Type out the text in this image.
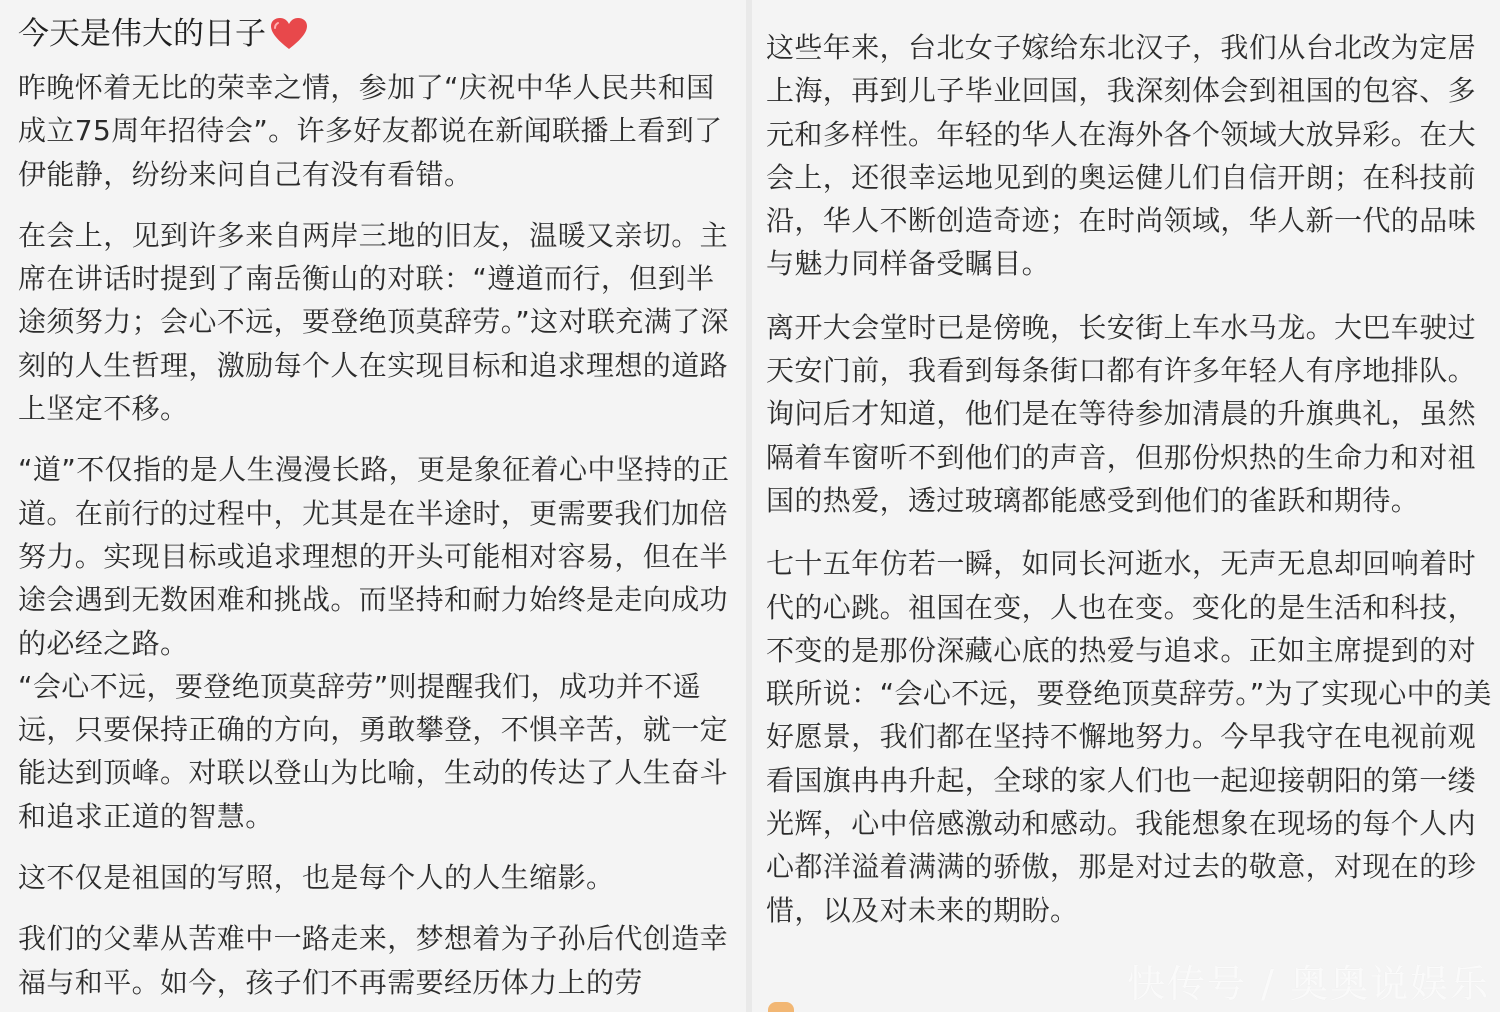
今天是伟大的日子

昨晚怀着无比的荣幸之情，参加了“庆祝中华人民共和国成立75周年招待会”。许多好友都说在新闻联播上看到了伊能静，纷纷来问自己有没有看错。

在会上，见到许多来自两岸三地的旧友，温暖又亲切。主席在讲话时提到了南岳衡山的对联：“遵道而行，但到半途须努力；会心不远，要登绝顶莫辞劳。”这对联充满了深刻的人生哲理，激励每个人在实现目标和追求理想的道路上坚定不移。

“道”不仅指的是人生漫漫长路，更是象征着心中坚持的正道。在前行的过程中，尤其是在半途时，更需要我们加倍努力。实现目标或追求理想的开头可能相对容易，但在半途会遇到无数困难和挑战。而坚持和耐力始终是走向成功的必经之路。

“会心不远，要登绝顶莫辞劳”则提醒我们，成功并不遥远，只要保持正确的方向，勇敢攀登，不惧辛苦，就一定能达到顶峰。对联以登山为比喻，生动的传达了人生奋斗和追求正道的智慧。

这不仅是祖国的写照，也是每个人的人生缩影。

我们的父辈从苦难中一路走来，梦想着为子孙后代创造幸福与和平。如今，孩子们不再需要经历体力上的劳

这些年来，台北女子嫁给东北汉子，我们从台北改为定居上海，再到儿子毕业回国，我深刻体会到祖国的包容、多元和多样性。年轻的华人在海外各个领域大放异彩。在大会上，还很幸运地见到的奥运健儿们自信开朗；在科技前沿，华人不断创造奇迹；在时尚领域，华人新一代的品味与魅力同样备受瞩目。

离开大会堂时已是傍晚，长安街上车水马龙。大巴车驶过天安门前，我看到每条街口都有许多年轻人有序地排队。询问后才知道，他们是在等待参加清晨的升旗典礼，虽然隔着车窗听不到他们的声音，但那份炽热的生命力和对祖国的热爱，透过玻璃都能感受到他们的雀跃和期待。

七十五年仿若一瞬，如同长河逝水，无声无息却回响着时代的心跳。祖国在变，人也在变。变化的是生活和科技，不变的是那份深藏心底的热爱与追求。正如主席提到的对联所说：“会心不远，要登绝顶莫辞劳。”为了实现心中的美好愿景，我们都在坚持不懈地努力。今早我守在电视前观看国旗冉冉升起，全球的家人们也一起迎接朝阳的第一缕光辉，心中倍感激动和感动。我能想象在现场的每个人内心都洋溢着满满的骄傲，那是对过去的敬意，对现在的珍惜，以及对未来的期盼。

快传号 / 奥奥说娱乐
